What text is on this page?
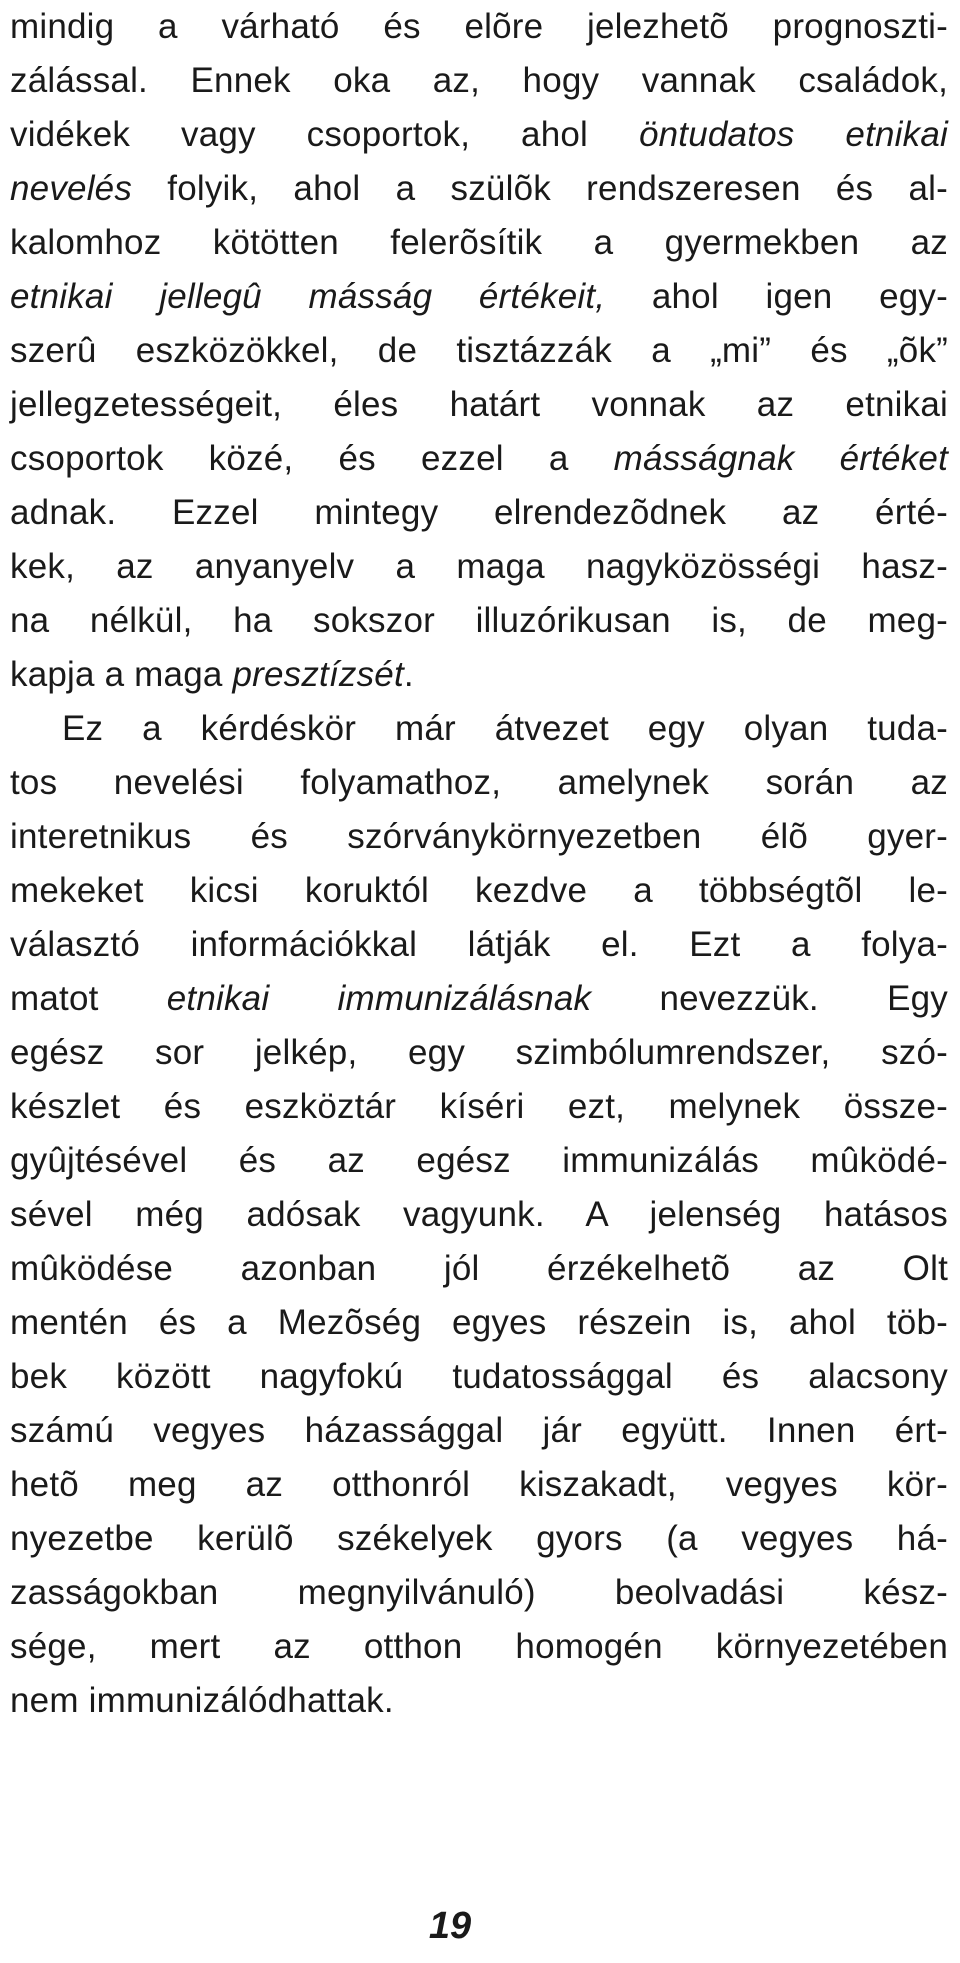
mindig a várható és elõre jelezhetõ prognoszti-
zálással. Ennek oka az, hogy vannak családok,
vidékek vagy csoportok, ahol öntudatos etnikai
nevelés folyik, ahol a szülõk rendszeresen és al-
kalomhoz kötötten felerõsítik a gyermekben az
etnikai jellegû másság értékeit, ahol igen egy-
szerû eszközökkel, de tisztázzák a „mi” és „õk”
jellegzetességeit, éles határt vonnak az etnikai
csoportok közé, és ezzel a másságnak értéket
adnak. Ezzel mintegy elrendezõdnek az érté-
kek, az anyanyelv a maga nagyközösségi hasz-
na nélkül, ha sokszor illuzórikusan is, de meg-
kapja a maga presztízsét.

Ez a kérdéskör már átvezet egy olyan tuda-
tos nevelési folyamathoz, amelynek során az
interetnikus és szórványkörnyezetben élõ gyer-
mekeket kicsi koruktól kezdve a többségtõl le-
választó információkkal látják el. Ezt a folya-
matot etnikai immunizálásnak nevezzük. Egy
egész sor jelkép, egy szimbólumrendszer, szó-
készlet és eszköztár kíséri ezt, melynek össze-
gyûjtésével és az egész immunizálás mûködé-
sével még adósak vagyunk. A jelenség hatásos
mûködése azonban jól érzékelhetõ az Olt
mentén és a Mezõség egyes részein is, ahol töb-
bek között nagyfokú tudatossággal és alacsony
számú vegyes házassággal jár együtt. Innen ért-
hetõ meg az otthonról kiszakadt, vegyes kör-
nyezetbe kerülõ székelyek gyors (a vegyes há-
zasságokban megnyilvánuló) beolvadási kész-
sége, mert az otthon homogén környezetében
nem immunizálódhattak.

19
